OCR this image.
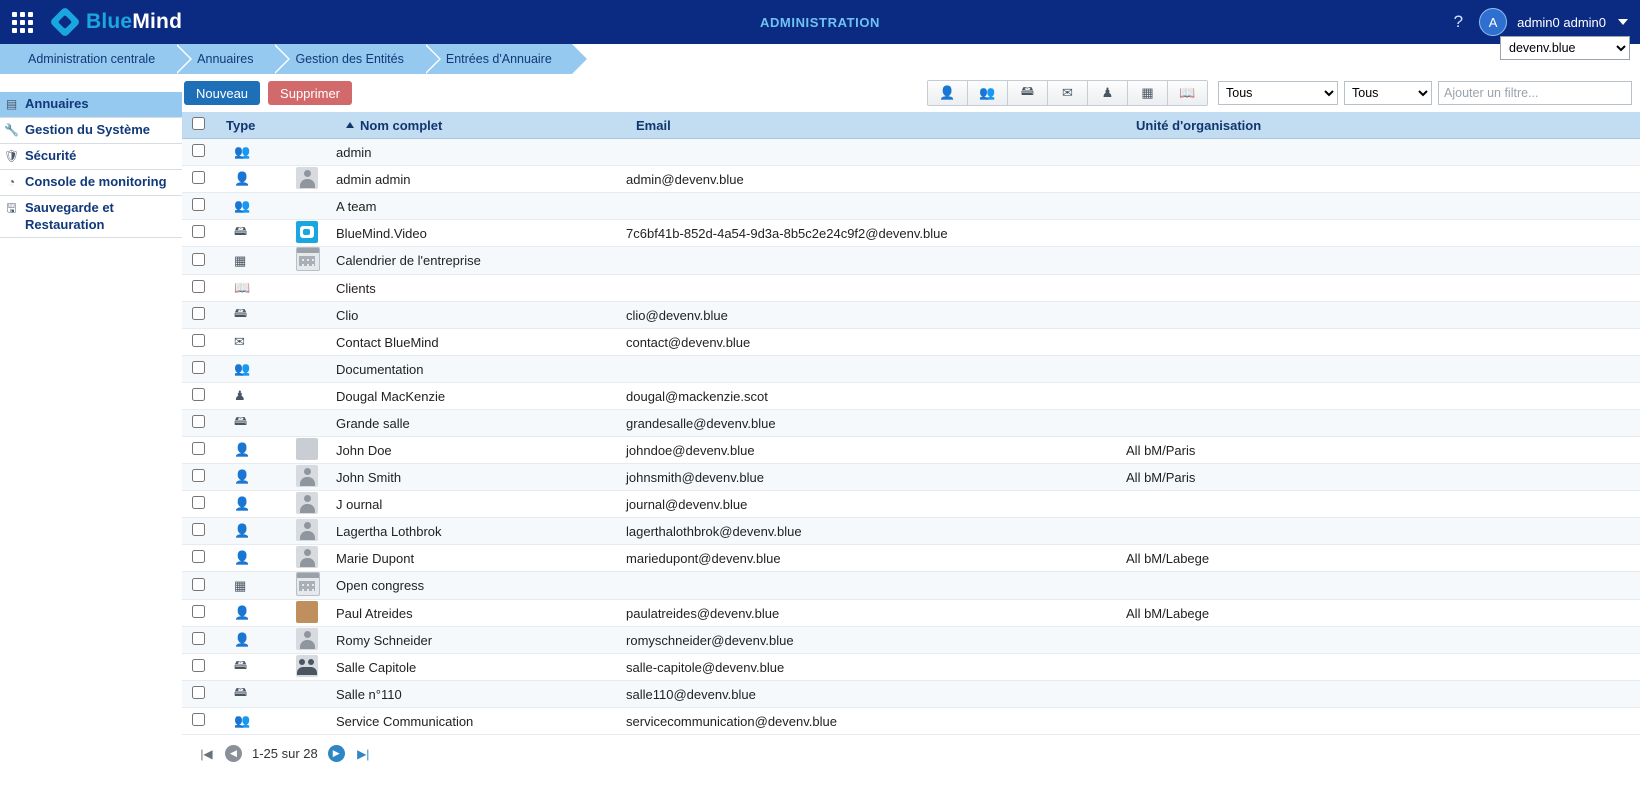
BlueMind	ADMINISTRATION	?	A	admin0 admin0
Administration centrale	Annuaires	Gestion des Entités	Entrées d'Annuaire
devenv.blue
▤ Annuaires
🔧 Gestion du Système
🛡 Sécurité
◔ Console de monitoring
🖫 Sauvegarde et Restauration
Nouveau	Supprimer	👤	👥	🖴	✉	♟	▦	📖
Tous
Tous
Ajouter un filtre...

Type		Nom complet	Email	Unité d'organisation

👥		admin		

👤		admin admin	admin@devenv.blue	

👥		A team		

🖴		BlueMind.Video	7c6bf41b-852d-4a54-9d3a-8b5c2e24c9f2@devenv.blue	

▦		Calendrier de l'entreprise		

📖		Clients		

🖴		Clio	clio@devenv.blue	

✉		Contact BlueMind	contact@devenv.blue	

👥		Documentation		

♟		Dougal MacKenzie	dougal@mackenzie.scot	

🖴		Grande salle	grandesalle@devenv.blue	

👤		John Doe	johndoe@devenv.blue	All bM/Paris

👤		John Smith	johnsmith@devenv.blue	All bM/Paris

👤		J ournal	journal@devenv.blue	

👤		Lagertha Lothbrok	lagerthalothbrok@devenv.blue	

👤		Marie Dupont	mariedupont@devenv.blue	All bM/Labege

▦		Open congress		

👤		Paul Atreides	paulatreides@devenv.blue	All bM/Labege

👤		Romy Schneider	romyschneider@devenv.blue	

🖴		Salle Capitole	salle-capitole@devenv.blue	

🖴		Salle n°110	salle110@devenv.blue	

👥		Service Communication	servicecommunication@devenv.blue	
|◀	◀	1-25 sur 28	▶	▶|
